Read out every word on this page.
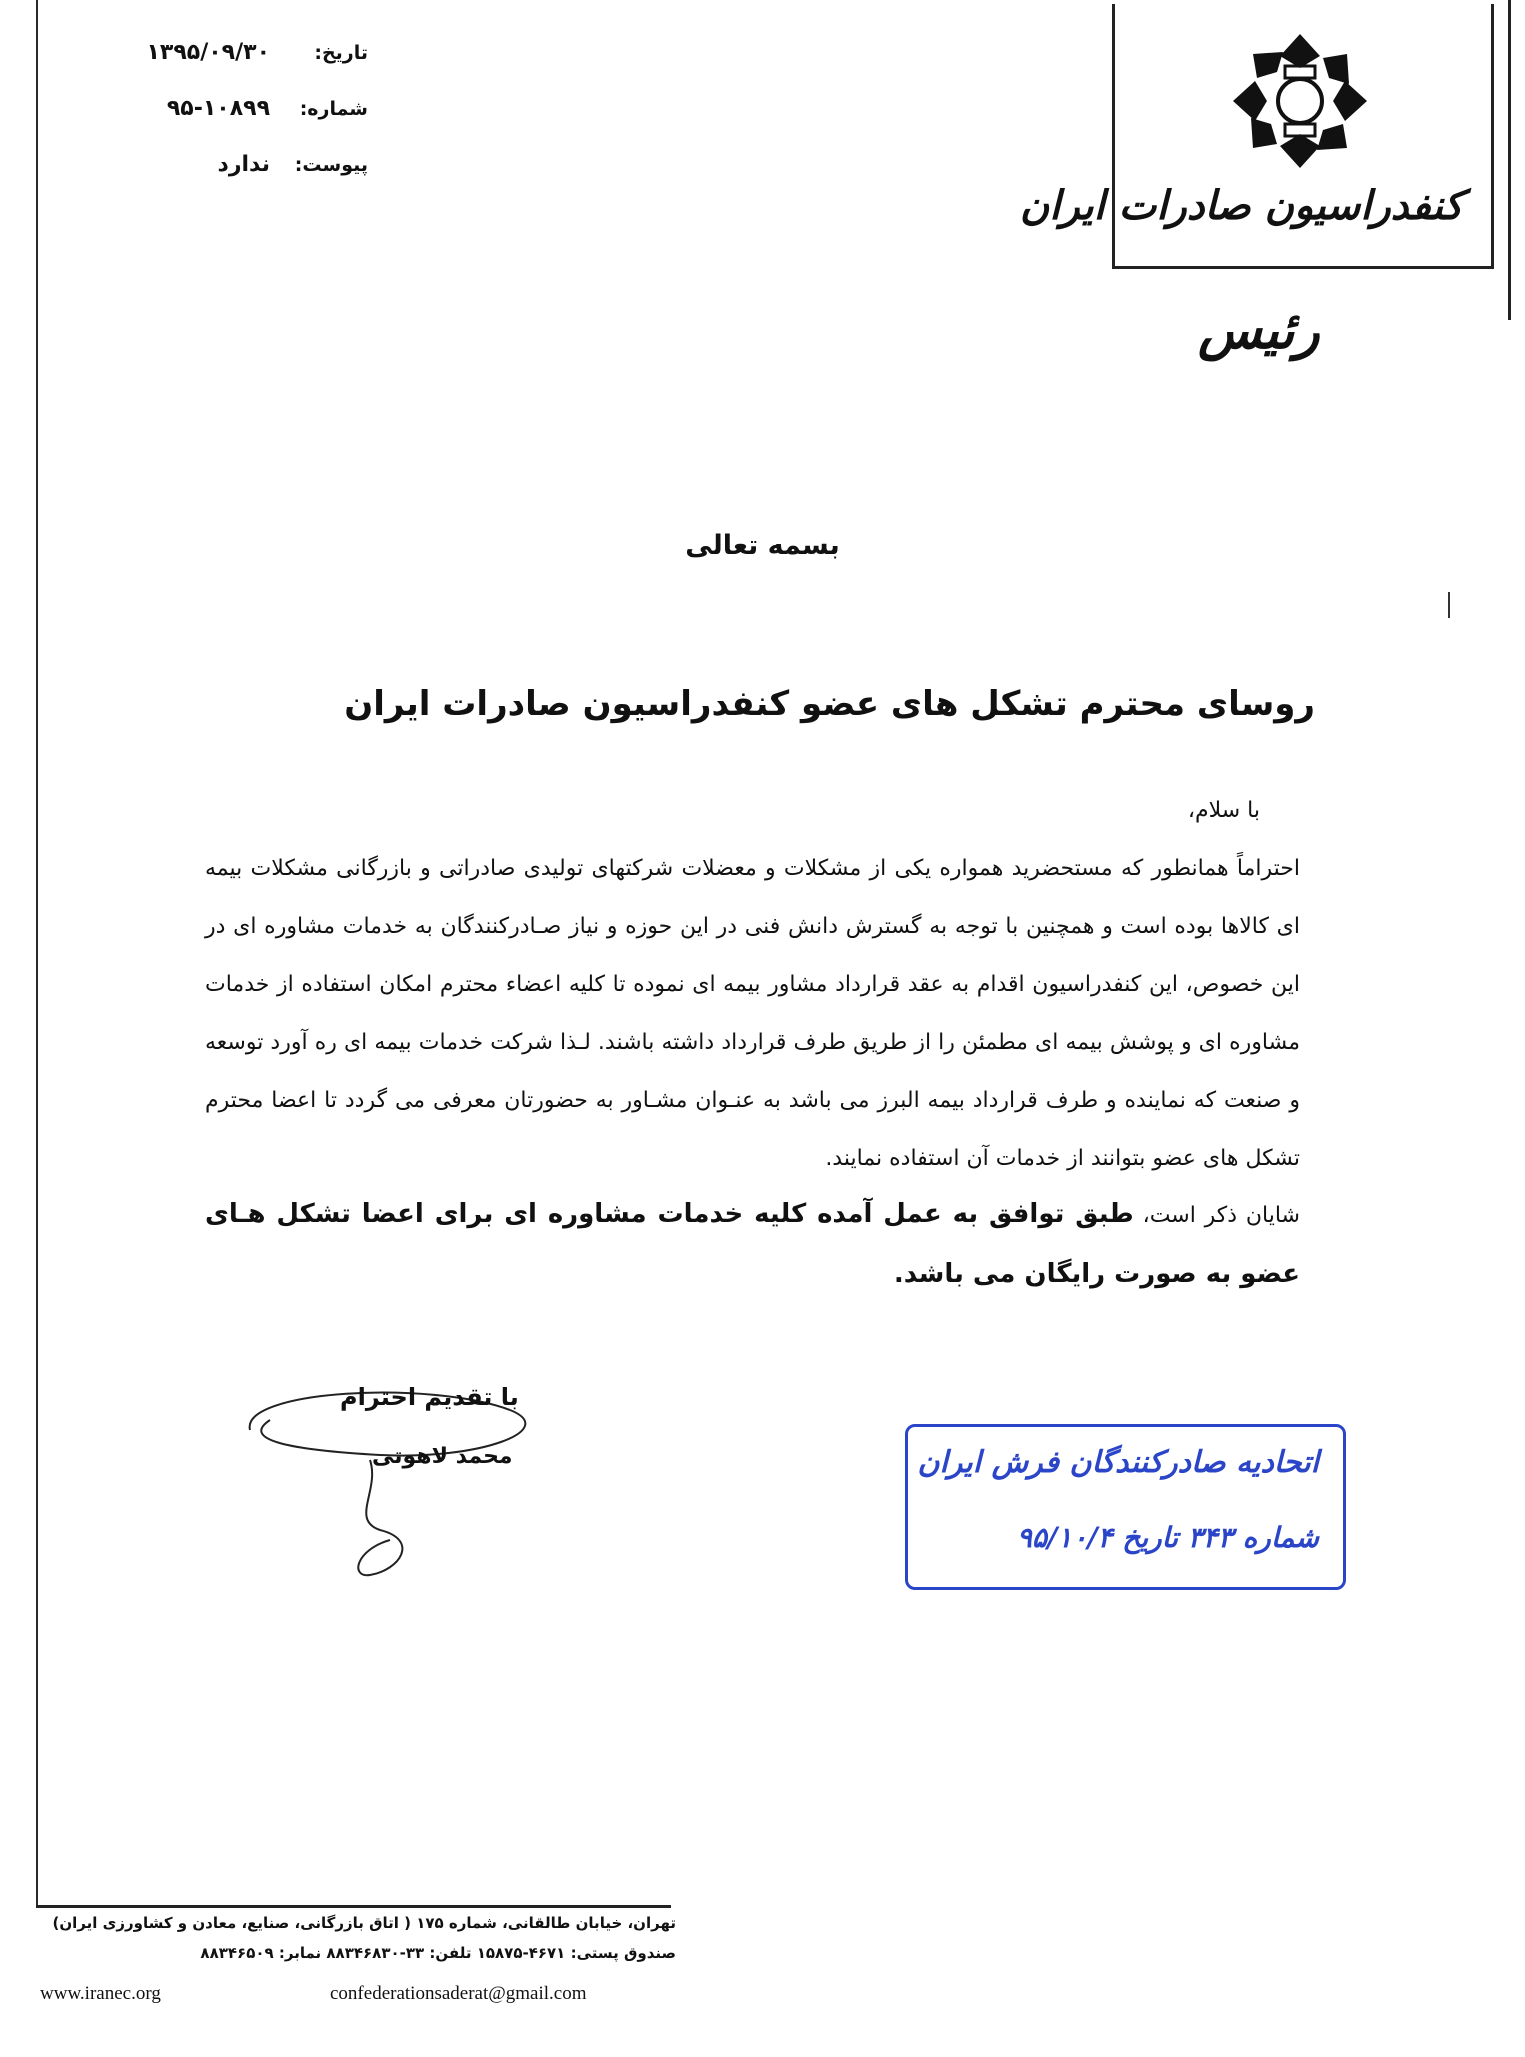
تاریخ:
۱۳۹۵/۰۹/۳۰
شماره:
۹۵-۱۰۸۹۹
پیوست:
ندارد
کنفدراسیون صادرات ایران
رئیس
بسمه تعالی
روسای محترم تشکل های عضو کنفدراسیون صادرات ایران
با سلام،

احتراماً همانطور که مستحضرید همواره یکی از مشکلات و معضلات شرکتهای تولیدی صادراتی و بازرگانی مشکلات بیمه ای کالاها بوده است و همچنین با توجه به گسترش دانش فنی در این حوزه و نیاز صـادرکنندگان به خدمات مشاوره ای در این خصوص، این کنفدراسیون اقدام به عقد قرارداد مشاور بیمه ای نموده تا کلیه اعضاء محترم امکان استفاده از خدمات مشاوره ای و پوشش بیمه ای مطمئن را از طریق طرف قرارداد داشته باشند. لـذا شرکت خدمات بیمه ای ره آورد توسعه و صنعت که نماینده و طرف قرارداد بیمه البرز می باشد به عنـوان مشـاور به حضورتان معرفی می گردد تا اعضا محترم تشکل های عضو بتوانند از خدمات آن استفاده نمایند.

شایان ذکر است، طبق توافق به عمل آمده کلیه خدمات مشاوره ای برای اعضا تشکل هـای عضو به صورت رایگان می باشد.
با تقدیم احترام
محمد لاهوتی	اتحادیه صادرکنندگان فرش ایران
شماره ۳۴۳ تاریخ ۹۵/۱۰/۴
تهران، خیابان طالقانی، شماره ۱۷۵ ( اتاق بازرگانی، صنایع، معادن و کشاورزی ایران)
صندوق پستی: ۴۶۷۱-۱۵۸۷۵ تلفن: ۳۳-۸۸۳۴۶۸۳۰ نمابر: ۸۸۳۴۶۵۰۹
www.iranec.org	confederationsaderat@gmail.com
